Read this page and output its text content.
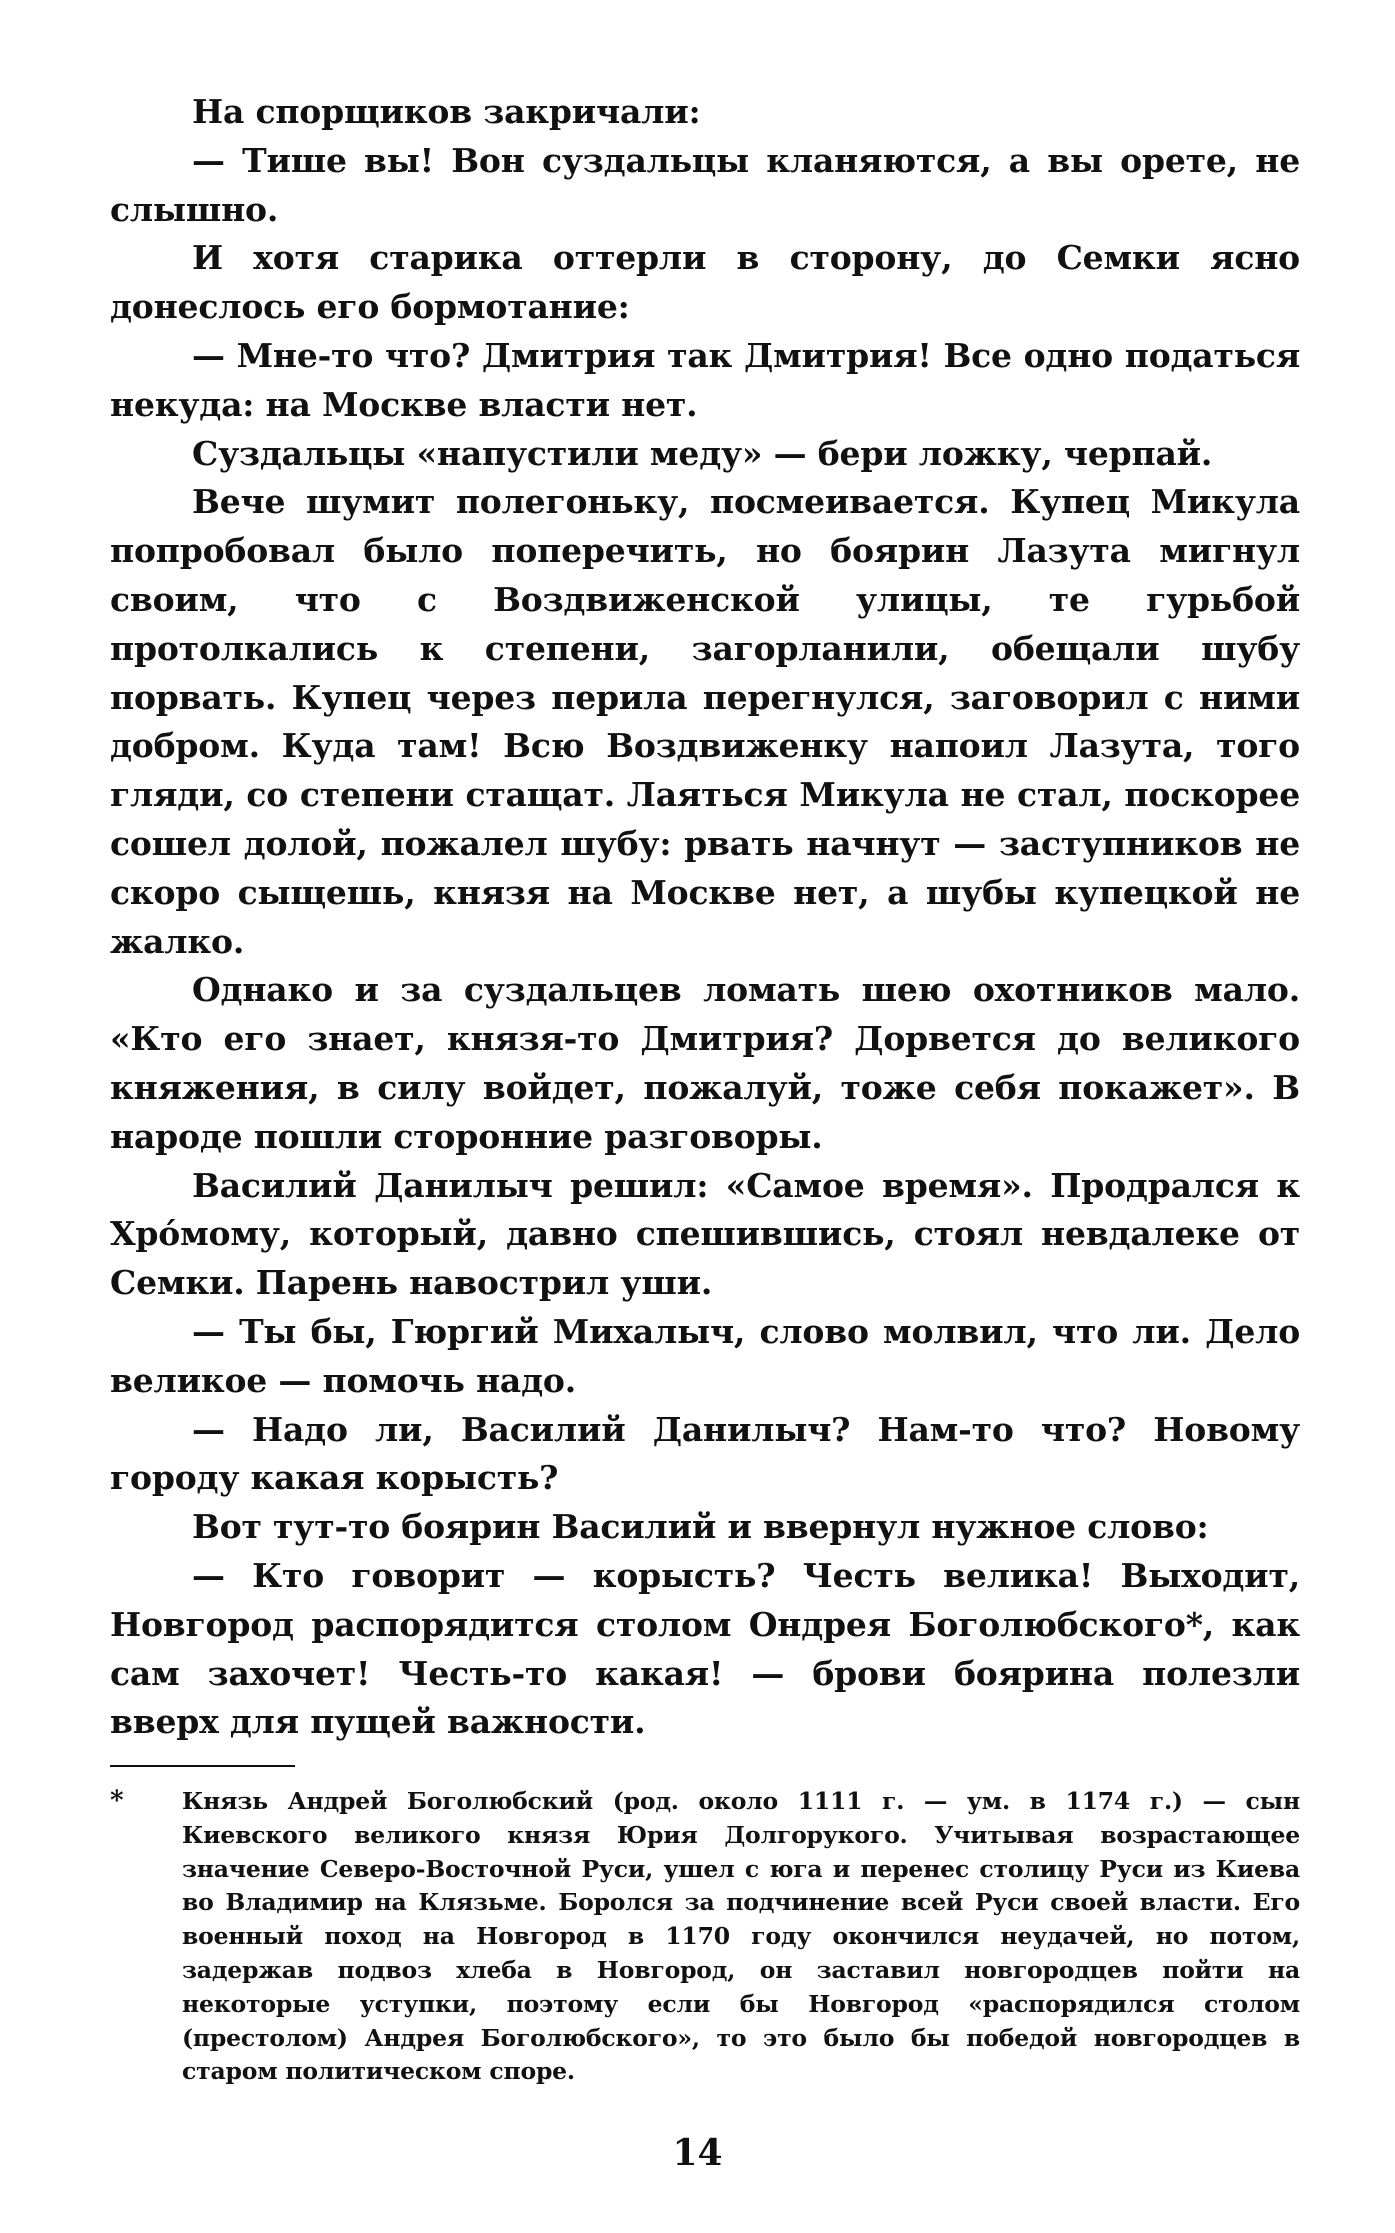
На спорщиков закричали:

— Тише вы! Вон суздальцы кланяются, а вы орете, не слышно.

И хотя старика оттерли в сторону, до Семки ясно донеслось его бормотание:

— Мне-то что? Дмитрия так Дмитрия! Все одно податься некуда: на Москве власти нет.

Суздальцы «напустили меду» — бери ложку, черпай.

Вече шумит полегоньку, посмеивается. Купец Микула попробовал было поперечить, но боярин Лазута мигнул своим, что с Воздвиженской улицы, те гурьбой протолкались к степени, загорланили, обещали шубу порвать. Купец через перила перегнулся, заговорил с ними добром. Куда там! Всю Воздвиженку напоил Лазута, того гляди, со степени стащат. Лаяться Микула не стал, поскорее сошел долой, пожалел шубу: рвать начнут — заступников не скоро сыщешь, князя на Москве нет, а шубы купецкой не жалко.

Однако и за суздальцев ломать шею охотников мало. «Кто его знает, князя-то Дмитрия? Дорвется до великого княжения, в силу войдет, пожалуй, тоже себя покажет». В народе пошли сторонние разговоры.

Василий Данилыч решил: «Самое время». Продрался к Хро́мому, который, давно спешившись, стоял невдалеке от Семки. Парень навострил уши.

— Ты бы, Гюргий Михалыч, слово молвил, что ли. Дело великое — помочь надо.

— Надо ли, Василий Данилыч? Нам-то что? Новому городу какая корысть?

Вот тут-то боярин Василий и ввернул нужное слово:

— Кто говорит — корысть? Честь велика! Выходит, Новгород распорядится столом Ондрея Боголюбского*, как сам захочет! Честь-то какая! — брови боярина полезли вверх для пущей важности.

*	Князь Андрей Боголюбский (род. около 1111 г. — ум. в 1174 г.) — сын Киевского великого князя Юрия Долгорукого. Учитывая возрастающее значение Северо-Восточной Руси, ушел с юга и перенес столицу Руси из Киева во Владимир на Клязьме. Боролся за подчинение всей Руси своей власти. Его военный поход на Новгород в 1170 году окончился неудачей, но потом, задержав подвоз хлеба в Новгород, он заставил новгородцев пойти на некоторые уступки, поэтому если бы Новгород «распорядился столом (престолом) Андрея Боголюбского», то это было бы победой новгородцев в старом политическом споре.
14
